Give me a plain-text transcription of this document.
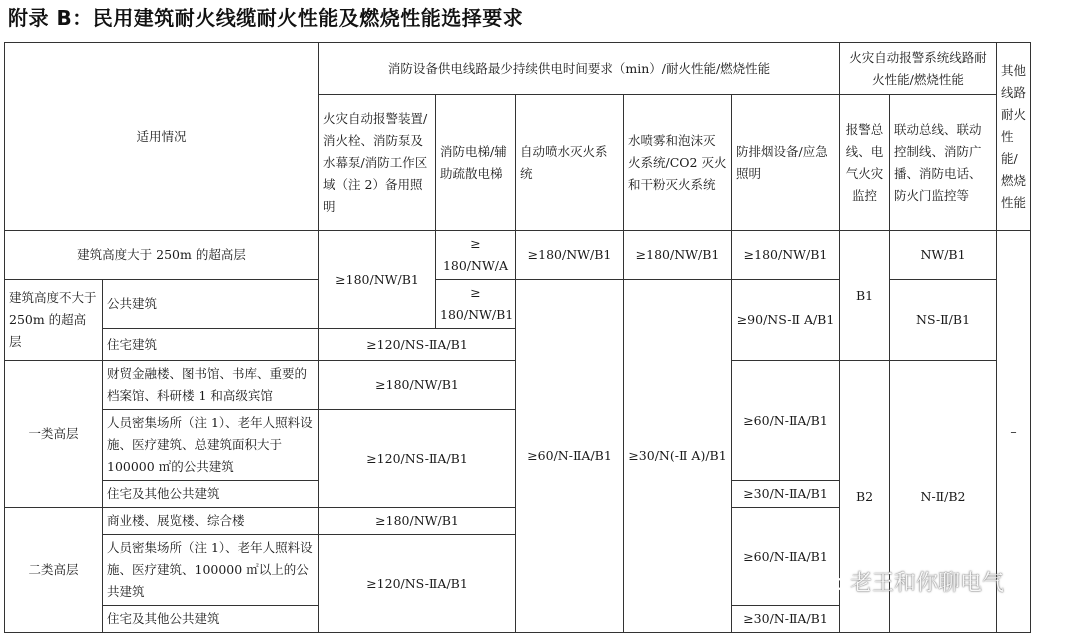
附录 B：民用建筑耐火线缆耐火性能及燃烧性能选择要求
适用情况		消防设备供电线路最少持续供电时间要求（min）/耐火性能/燃烧性能					火灾自动报警系统线路耐火性能/燃烧性能		其他线路耐火性能/燃烧性能
		火灾自动报警装置/消火栓、消防泵及水幕泵/消防工作区域（注 2）备用照明	消防电梯/辅助疏散电梯	自动喷水灭火系统	水喷雾和泡沫灭火系统/CO2 灭火和干粉灭火系统	防排烟设备/应急照明	报警总线、电气火灾监控	联动总线、联动控制线、消防广播、消防电话、防火门监控等	
建筑高度大于 250m 的超高层		≥180/NW/B1	≥ 180/NW/A	≥180/NW/B1	≥180/NW/B1	≥180/NW/B1	B1	NW/B1	–
建筑高度不大于 250m 的超高层	公共建筑		≥ 180/NW/B1	≥60/N-ⅡA/B1	≥30/N(-Ⅱ A)/B1	≥90/NS-Ⅱ A/B1		NS-Ⅱ/B1	
	住宅建筑	≥120/NS-ⅡA/B1							
一类高层	财贸金融楼、图书馆、书库、重要的档案馆、科研楼 1 和高级宾馆	≥180/NW/B1				≥60/N-ⅡA/B1	B2	N-Ⅱ/B2	
	人员密集场所（注 1）、老年人照料设施、医疗建筑、总建筑面积大于 100000 ㎡的公共建筑	≥120/NS-ⅡA/B1							
	住宅及其他公共建筑					≥30/N-ⅡA/B1			
二类高层	商业楼、展览楼、综合楼	≥180/NW/B1				≥60/N-ⅡA/B1			
	人员密集场所（注 1）、老年人照料设施、医疗建筑、100000 ㎡以上的公共建筑	≥120/NS-ⅡA/B1							
	住宅及其他公共建筑					≥30/N-ⅡA/B1			
老王和你聊电气
